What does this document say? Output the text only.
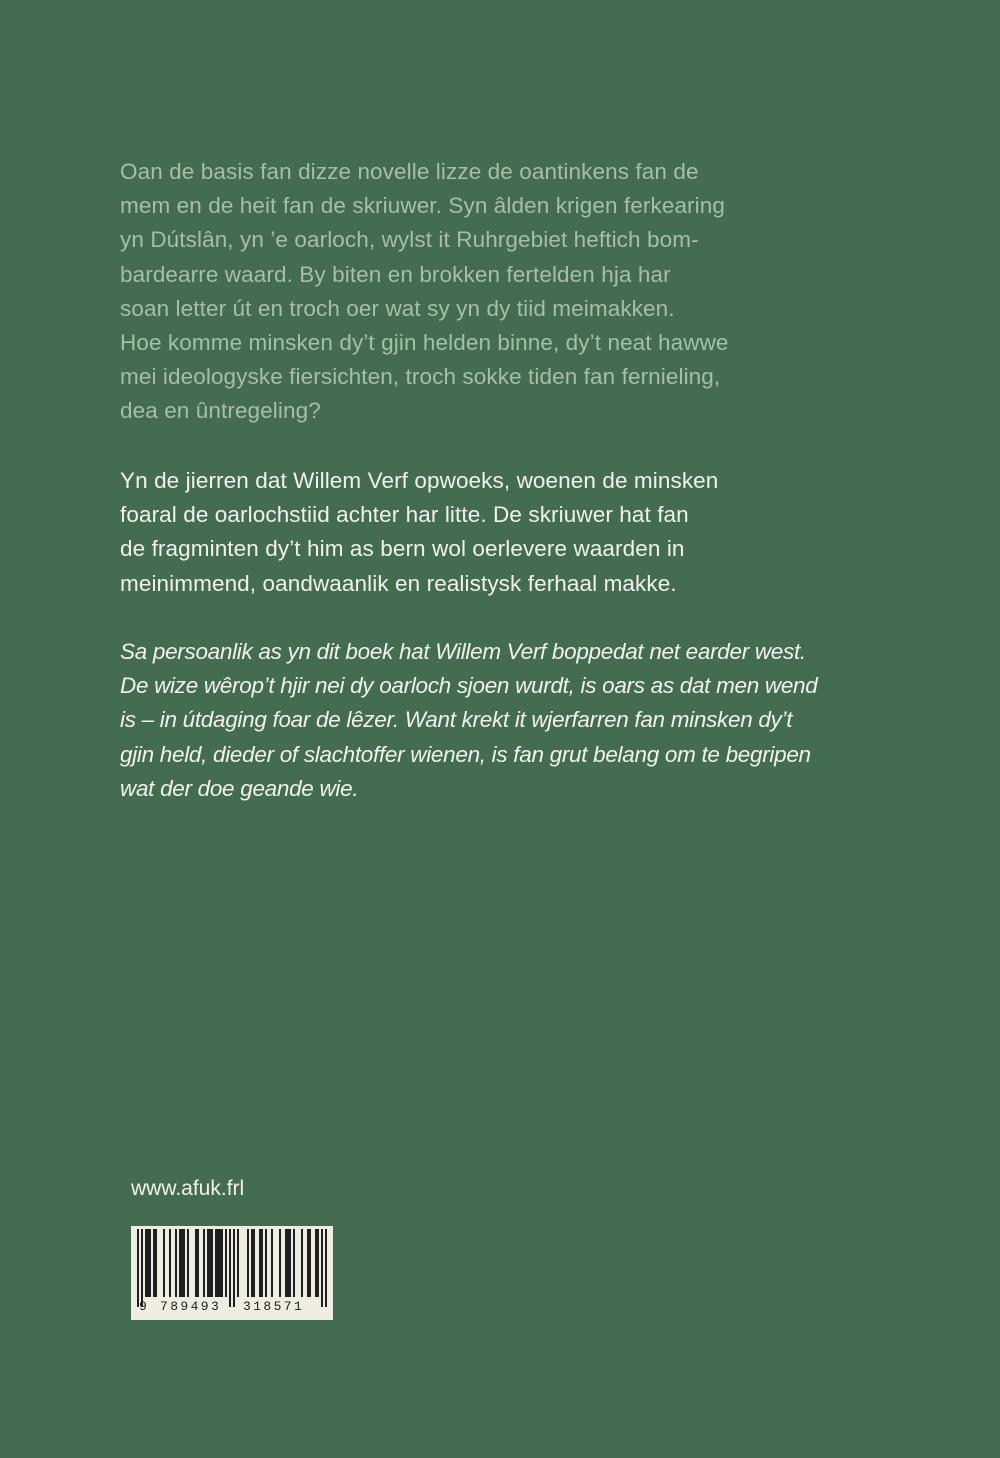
Oan de basis fan dizze novelle lizze de oantinkens fan de
mem en de heit fan de skriuwer. Syn âlden krigen ferkearing
yn Dútslân, yn ’e oarloch, wylst it Ruhrgebiet heftich bom-
bardearre waard. By biten en brokken fertelden hja har
soan letter út en troch oer wat sy yn dy tiid meimakken.
Hoe komme minsken dy’t gjin helden binne, dy’t neat hawwe
mei ideologyske fiersichten, troch sokke tiden fan fernieling,
dea en ûntregeling?
Yn de jierren dat Willem Verf opwoeks, woenen de minsken
foaral de oarlochstiid achter har litte. De skriuwer hat fan
de fragminten dy’t him as bern wol oerlevere waarden in
meinimmend, oandwaanlik en realistysk ferhaal makke.
Sa persoanlik as yn dit boek hat Willem Verf boppedat net earder west.
De wize wêrop’t hjir nei dy oarloch sjoen wurdt, is oars as dat men wend
is – in útdaging foar de lêzer. Want krekt it wjerfarren fan minsken dy’t
gjin held, dieder of slachtoffer wienen, is fan grut belang om te begripen
wat der doe geande wie.
www.afuk.frl
9 789493 318571
